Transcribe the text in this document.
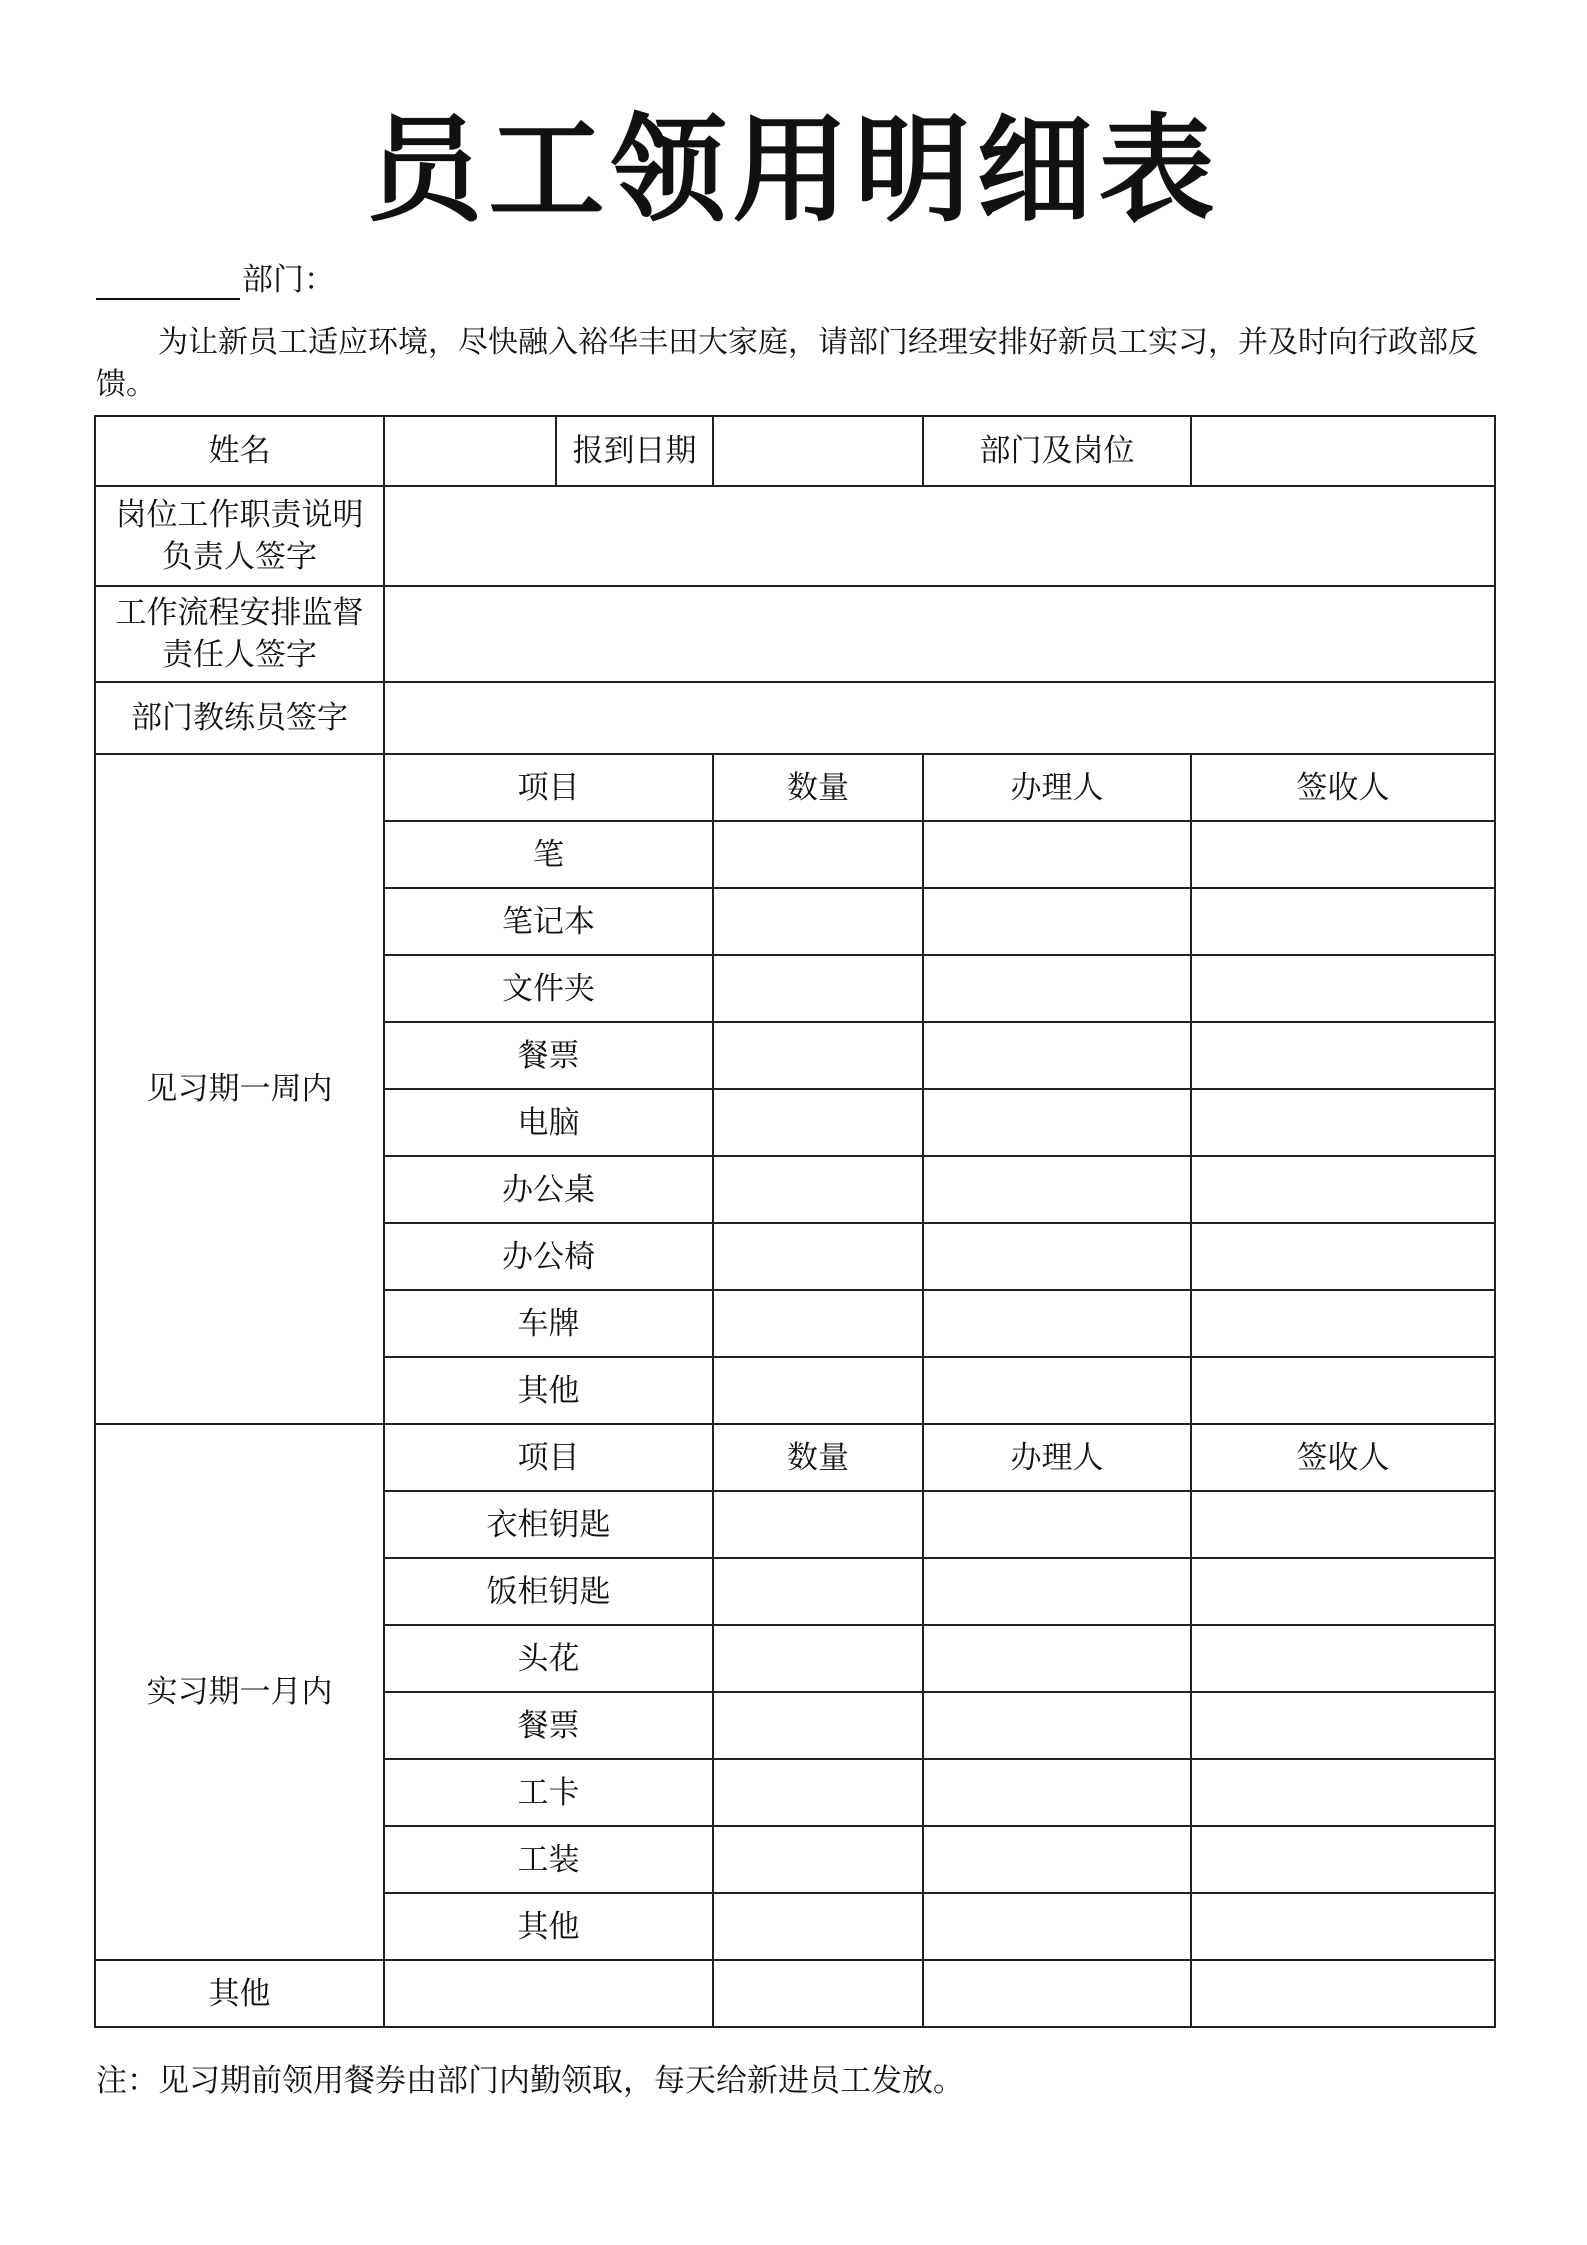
员工领用明细表
部门：
为让新员工适应环境，尽快融入裕华丰田大家庭，请部门经理安排好新员工实习，并及时向行政部反馈。
姓名		报到日期		部门及岗位	
岗位工作职责说明负责人签字					
工作流程安排监督责任人签字					
部门教练员签字					
见习期一周内	项目		数量	办理人	签收人
	笔				
	笔记本				
	文件夹				
	餐票				
	电脑				
	办公桌				
	办公椅				
	车牌				
	其他				
实习期一月内	项目		数量	办理人	签收人
	衣柜钥匙				
	饭柜钥匙				
	头花				
	餐票				
	工卡				
	工装				
	其他				
其他					
注：见习期前领用餐券由部门内勤领取，每天给新进员工发放。
